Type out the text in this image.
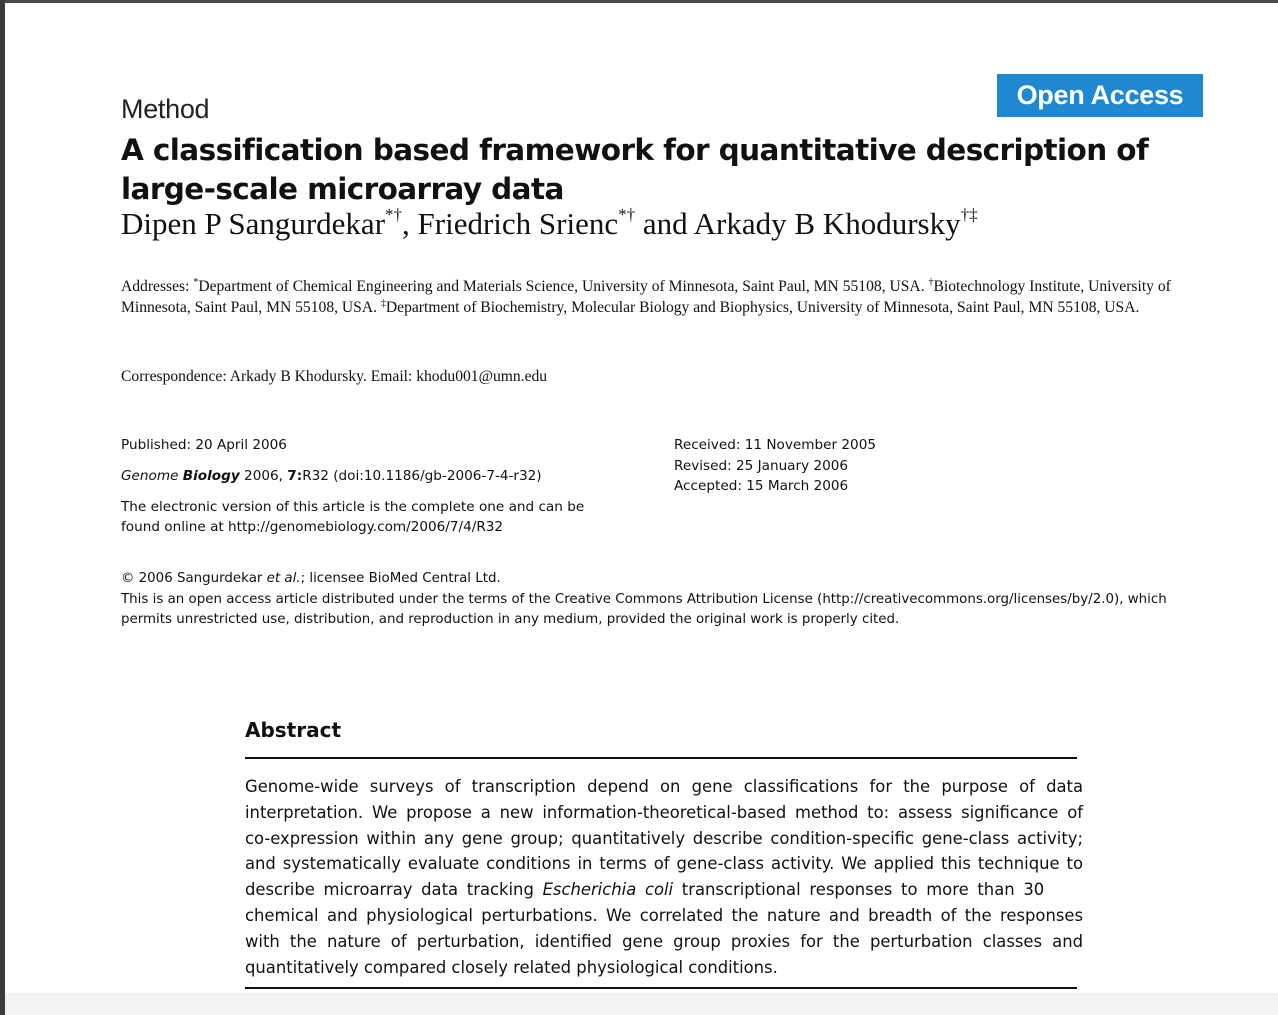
Open Access
Method
A classification based framework for quantitative description of large-scale microarray data
Dipen P Sangurdekar*†, Friedrich Srienc*† and Arkady B Khodursky†‡
Addresses: *Department of Chemical Engineering and Materials Science, University of Minnesota, Saint Paul, MN 55108, USA. †Biotechnology Institute, University of Minnesota, Saint Paul, MN 55108, USA. ‡Department of Biochemistry, Molecular Biology and Biophysics, University of Minnesota, Saint Paul, MN 55108, USA.
Correspondence: Arkady B Khodursky. Email: khodu001@umn.edu
Published: 20 April 2006
Genome Biology 2006, 7:R32 (doi:10.1186/gb-2006-7-4-r32)
The electronic version of this article is the complete one and can be
found online at http://genomebiology.com/2006/7/4/R32
Received: 11 November 2005
Revised: 25 January 2006
Accepted: 15 March 2006
© 2006 Sangurdekar et al.; licensee BioMed Central Ltd.
This is an open access article distributed under the terms of the Creative Commons Attribution License (http://creativecommons.org/licenses/by/2.0), which
permits unrestricted use, distribution, and reproduction in any medium, provided the original work is properly cited.
Abstract
Genome-wide surveys of transcription depend on gene classifications for the purpose of data
interpretation. We propose a new information-theoretical-based method to: assess significance of
co-expression within any gene group; quantitatively describe condition-specific gene-class activity;
and systematically evaluate conditions in terms of gene-class activity. We applied this technique to
describe microarray data tracking Escherichia coli transcriptional responses to more than 30
chemical and physiological perturbations. We correlated the nature and breadth of the responses
with the nature of perturbation, identified gene group proxies for the perturbation classes and
quantitatively compared closely related physiological conditions.
